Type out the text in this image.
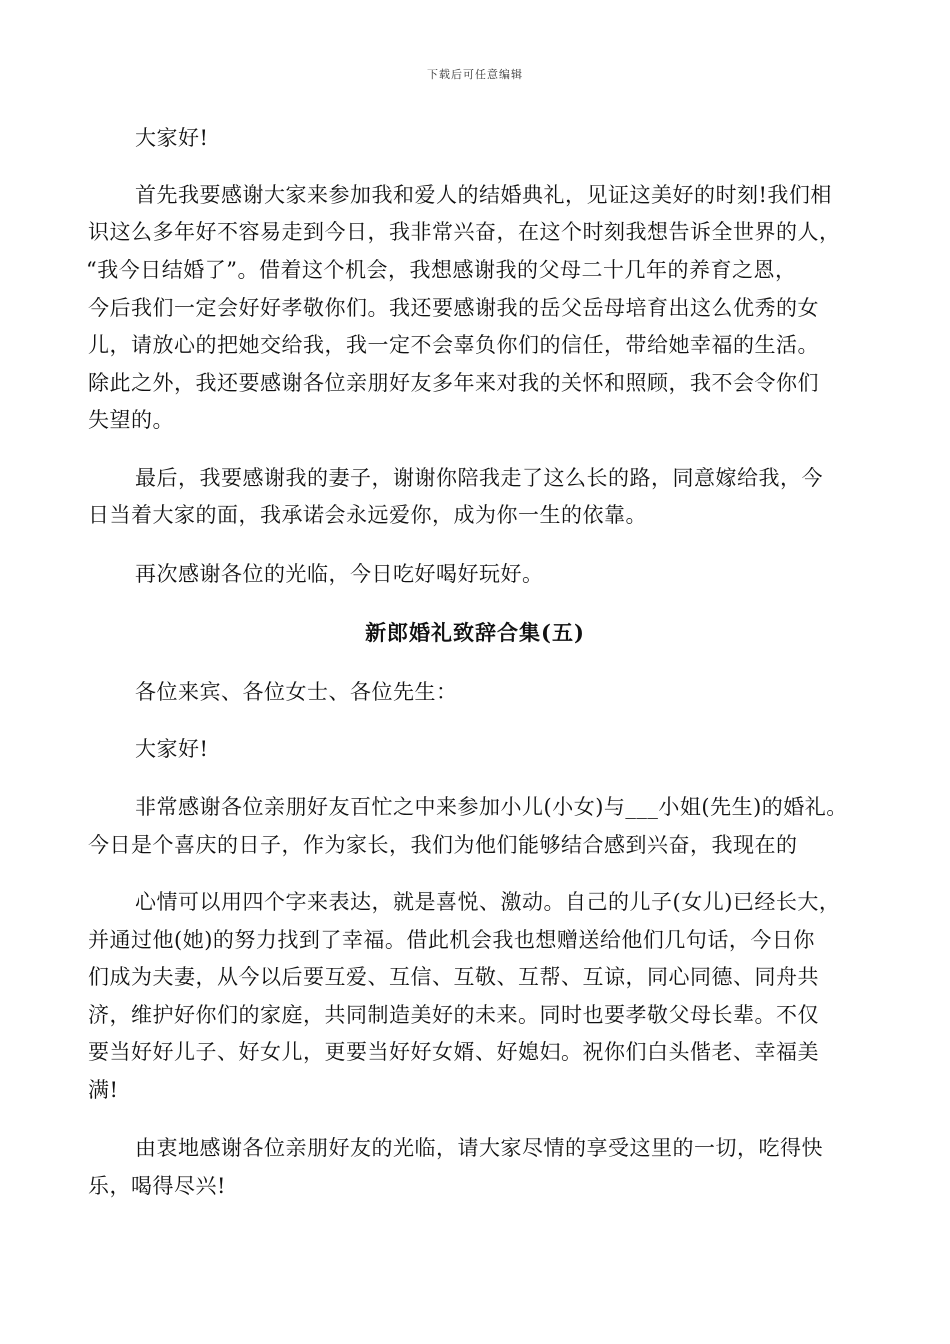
下载后可任意编辑
大家好!
首先我要感谢大家来参加我和爱人的结婚典礼，见证这美好的时刻!我们相
识这么多年好不容易走到今日，我非常兴奋，在这个时刻我想告诉全世界的人，
“我今日结婚了”。借着这个机会，我想感谢我的父母二十几年的养育之恩，
今后我们一定会好好孝敬你们。我还要感谢我的岳父岳母培育出这么优秀的女
儿，请放心的把她交给我，我一定不会辜负你们的信任，带给她幸福的生活。
除此之外，我还要感谢各位亲朋好友多年来对我的关怀和照顾，我不会令你们
失望的。
最后，我要感谢我的妻子，谢谢你陪我走了这么长的路，同意嫁给我，今
日当着大家的面，我承诺会永远爱你，成为你一生的依靠。
再次感谢各位的光临，今日吃好喝好玩好。
新郎婚礼致辞合集(五)
各位来宾、各位女士、各位先生：
大家好!
非常感谢各位亲朋好友百忙之中来参加小儿(小女)与___小姐(先生)的婚礼。
今日是个喜庆的日子，作为家长，我们为他们能够结合感到兴奋，我现在的
心情可以用四个字来表达，就是喜悦、激动。自己的儿子(女儿)已经长大，
并通过他(她)的努力找到了幸福。借此机会我也想赠送给他们几句话，今日你
们成为夫妻，从今以后要互爱、互信、互敬、互帮、互谅，同心同德、同舟共
济，维护好你们的家庭，共同制造美好的未来。同时也要孝敬父母长辈。不仅
要当好好儿子、好女儿，更要当好好女婿、好媳妇。祝你们白头偕老、幸福美
满!
由衷地感谢各位亲朋好友的光临，请大家尽情的享受这里的一切，吃得快
乐，喝得尽兴!
